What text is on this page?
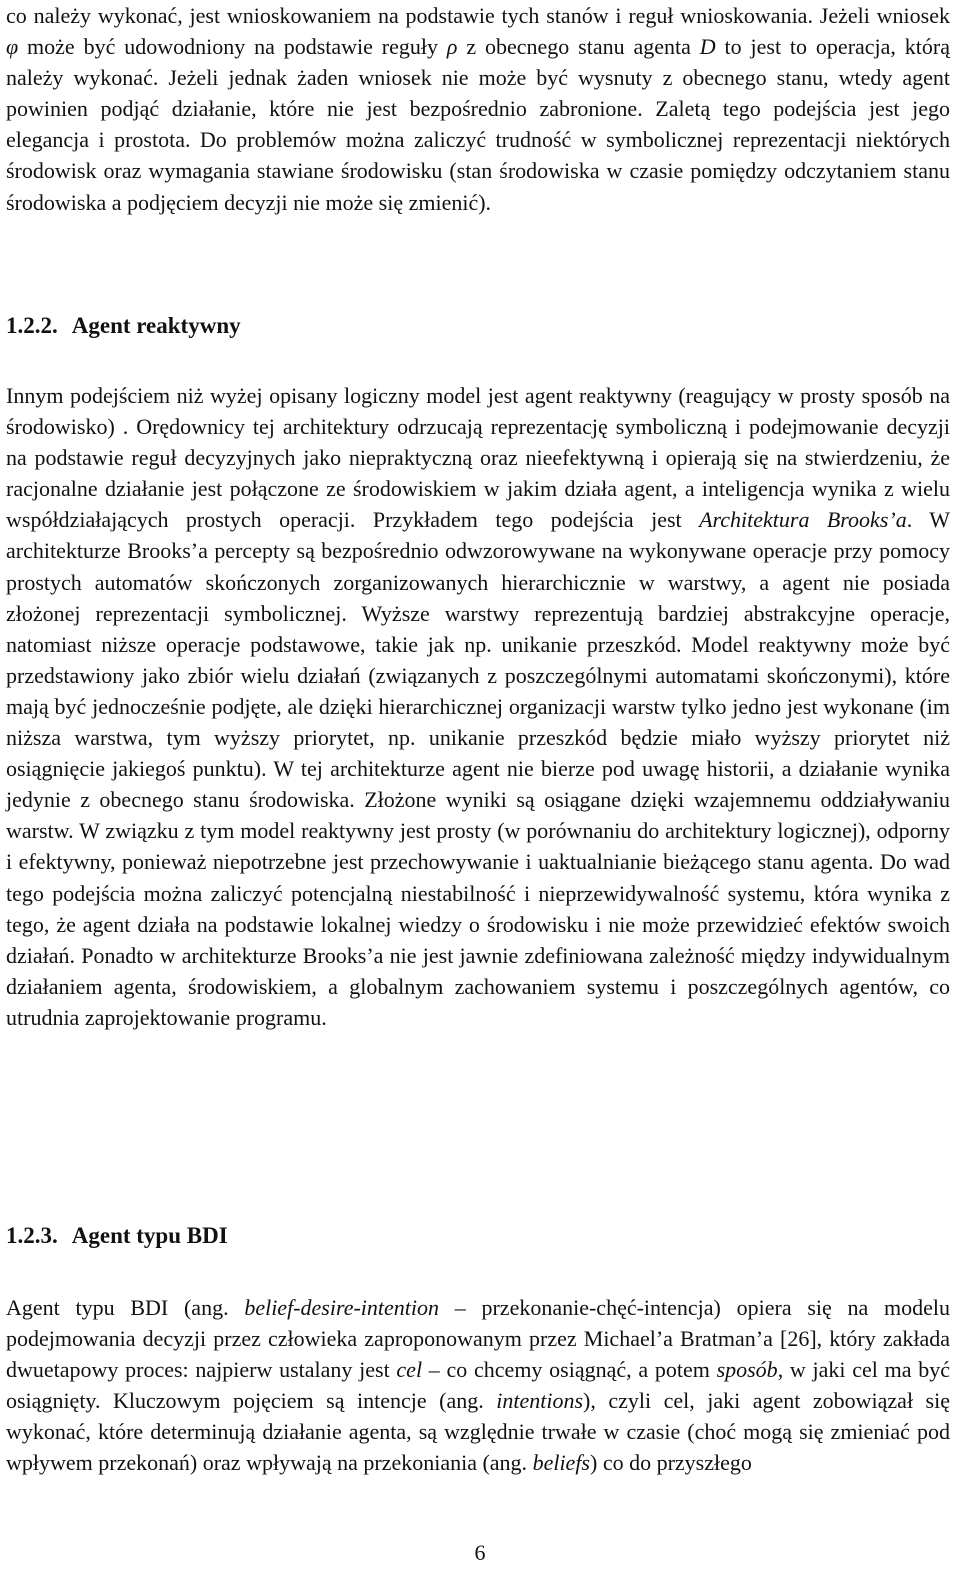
co należy wykonać, jest wnioskowaniem na podstawie tych stanów i reguł wnioskowania. Jeżeli wniosek φ może być udowodniony na podstawie reguły ρ z obecnego stanu agenta D to jest to operacja, którą należy wykonać. Jeżeli jednak żaden wniosek nie może być wysnuty z obecnego stanu, wtedy agent powinien podjąć działanie, które nie jest bezpośrednio zabronione. Zaletą tego podejścia jest jego elegancja i prostota. Do problemów można zaliczyć trudność w symbolicznej reprezentacji niektórych środowisk oraz wymagania stawiane środowisku (stan środowiska w czasie pomiędzy odczytaniem stanu środowiska a podjęciem decyzji nie może się zmienić).

1.2.2. Agent reaktywny

Innym podejściem niż wyżej opisany logiczny model jest agent reaktywny (reagujący w prosty sposób na środowisko) . Orędownicy tej architektury odrzucają reprezentację symboliczną i podejmowanie decyzji na podstawie reguł decyzyjnych jako niepraktyczną oraz nieefektywną i opierają się na stwierdzeniu, że racjonalne działanie jest połączone ze środowiskiem w jakim działa agent, a inteligencja wynika z wielu współdziałających prostych operacji. Przykładem tego podejścia jest Architektura Brooks’a. W architekturze Brooks’a percepty są bezpośrednio odwzorowywane na wykonywane operacje przy pomocy prostych automatów skończonych zorganizowanych hierarchicznie w warstwy, a agent nie posiada złożonej reprezentacji symbolicznej. Wyższe warstwy reprezentują bardziej abstrakcyjne operacje, natomiast niższe operacje podstawowe, takie jak np. unikanie przeszkód. Model reaktywny może być przedstawiony jako zbiór wielu działań (związanych z poszczególnymi automatami skończonymi), które mają być jednocześnie podjęte, ale dzięki hierarchicznej organizacji warstw tylko jedno jest wykonane (im niższa warstwa, tym wyższy priorytet, np. unikanie przeszkód będzie miało wyższy priorytet niż osiągnięcie jakiegoś punktu). W tej architekturze agent nie bierze pod uwagę historii, a działanie wynika jedynie z obecnego stanu środowiska. Złożone wyniki są osiągane dzięki wzajemnemu oddziaływaniu warstw. W związku z tym model reaktywny jest prosty (w porównaniu do architektury logicznej), odporny i efektywny, ponieważ niepotrzebne jest przechowywanie i uaktualnianie bieżącego stanu agenta. Do wad tego podejścia można zaliczyć potencjalną niestabilność i nieprzewidywalność systemu, która wynika z tego, że agent działa na podstawie lokalnej wiedzy o środowisku i nie może przewidzieć efektów swoich działań. Ponadto w architekturze Brooks’a nie jest jawnie zdefiniowana zależność między indywidualnym działaniem agenta, środowiskiem, a globalnym zachowaniem systemu i poszczególnych agentów, co utrudnia zaprojektowanie programu.

1.2.3. Agent typu BDI

Agent typu BDI (ang. belief-desire-intention – przekonanie-chęć-intencja) opiera się na modelu podejmowania decyzji przez człowieka zaproponowanym przez Michael’a Bratman’a [26], który zakłada dwuetapowy proces: najpierw ustalany jest cel – co chcemy osiągnąć, a potem sposób, w jaki cel ma być osiągnięty. Kluczowym pojęciem są intencje (ang. intentions), czyli cel, jaki agent zobowiązał się wykonać, które determinują działanie agenta, są względnie trwałe w czasie (choć mogą się zmieniać pod wpływem przekonań) oraz wpływają na przekoniania (ang. beliefs) co do przyszłego

6
